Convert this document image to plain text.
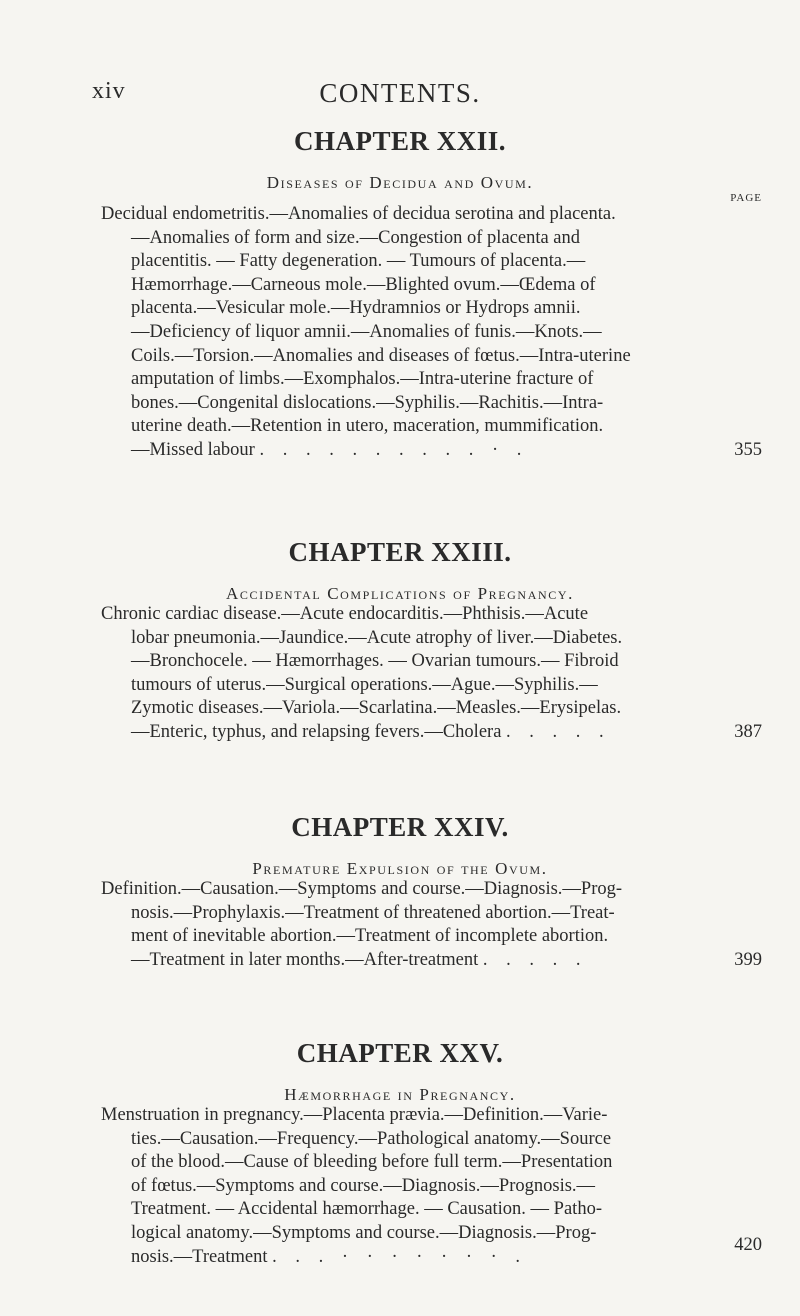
xiv	CONTENTS.
CHAPTER XXII.
Diseases of Decidua and Ovum.
PAGE
Decidual endometritis.—Anomalies of decidua serotina and placenta.
—Anomalies of form and size.—Congestion of placenta and
placentitis. — Fatty degeneration. — Tumours of placenta.—
Hæmorrhage.—Carneous mole.—Blighted ovum.—Œdema of
placenta.—Vesicular mole.—Hydramnios or Hydrops amnii.
—Deficiency of liquor amnii.—Anomalies of funis.—Knots.—
Coils.—Torsion.—Anomalies and diseases of fœtus.—Intra-uterine
amputation of limbs.—Exomphalos.—Intra-uterine fracture of
bones.—Congenital dislocations.—Syphilis.—Rachitis.—Intra-
uterine death.—Retention in utero, maceration, mummification.
—Missed labour . . . . . . . . . . · .	355
CHAPTER XXIII.
Accidental Complications of Pregnancy.
Chronic cardiac disease.—Acute endocarditis.—Phthisis.—Acute
lobar pneumonia.—Jaundice.—Acute atrophy of liver.—Diabetes.
—Bronchocele. — Hæmorrhages. — Ovarian tumours.— Fibroid
tumours of uterus.—Surgical operations.—Ague.—Syphilis.—
Zymotic diseases.—Variola.—Scarlatina.—Measles.—Erysipelas.
—Enteric, typhus, and relapsing fevers.—Cholera . . . . .	387
CHAPTER XXIV.
Premature Expulsion of the Ovum.
Definition.—Causation.—Symptoms and course.—Diagnosis.—Prog-
nosis.—Prophylaxis.—Treatment of threatened abortion.—Treat-
ment of inevitable abortion.—Treatment of incomplete abortion.
—Treatment in later months.—After-treatment . . . . .	399
CHAPTER XXV.
Hæmorrhage in Pregnancy.
Menstruation in pregnancy.—Placenta prævia.—Definition.—Varie-
ties.—Causation.—Frequency.—Pathological anatomy.—Source
of the blood.—Cause of bleeding before full term.—Presentation
of fœtus.—Symptoms and course.—Diagnosis.—Prognosis.—
Treatment. — Accidental hæmorrhage. — Causation. — Patho-
logical anatomy.—Symptoms and course.—Diagnosis.—Prog-
nosis.—Treatment . . . · · · · · · · .
420
